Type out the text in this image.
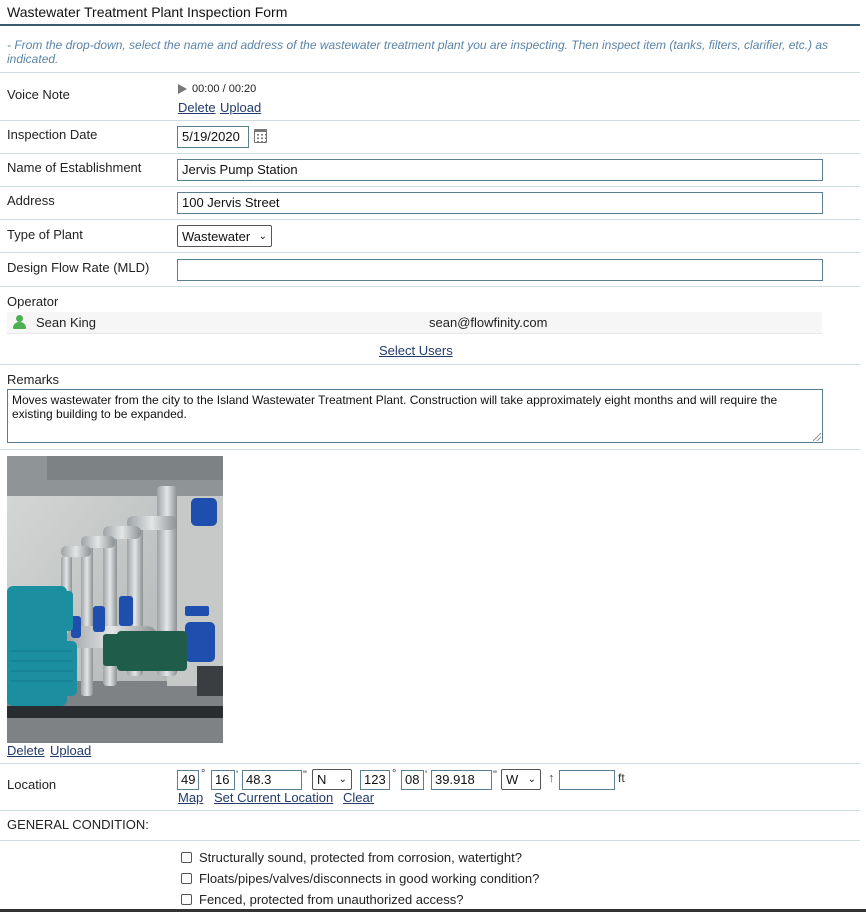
Wastewater Treatment Plant Inspection Form
- From the drop-down, select the name and address of the wastewater treatment plant you are inspecting. Then inspect item (tanks, filters, clarifier, etc.) as indicated.
Voice Note	00:00 / 00:20
Delete Upload
Inspection Date	5/19/2020
Name of Establishment	Jervis Pump Station
Address	100 Jervis Street
Type of Plant	Wastewater ⌄
Design Flow Rate (MLD)
Operator
Sean King	sean@flowfinity.com
Select Users
Remarks
Moves wastewater from the city to the Island Wastewater Treatment Plant. Construction will take approximately eight months and will require the existing building to be expanded.
Delete Upload
Location	49 ° 16 ' 48.3	" N ⌄	123 ° 08 ' 39.918	" W ⌄ ↑	ft
Map Set Current Location Clear
GENERAL CONDITION:
Structurally sound, protected from corrosion, watertight?
Floats/pipes/valves/disconnects in good working condition?
Fenced, protected from unauthorized access?
